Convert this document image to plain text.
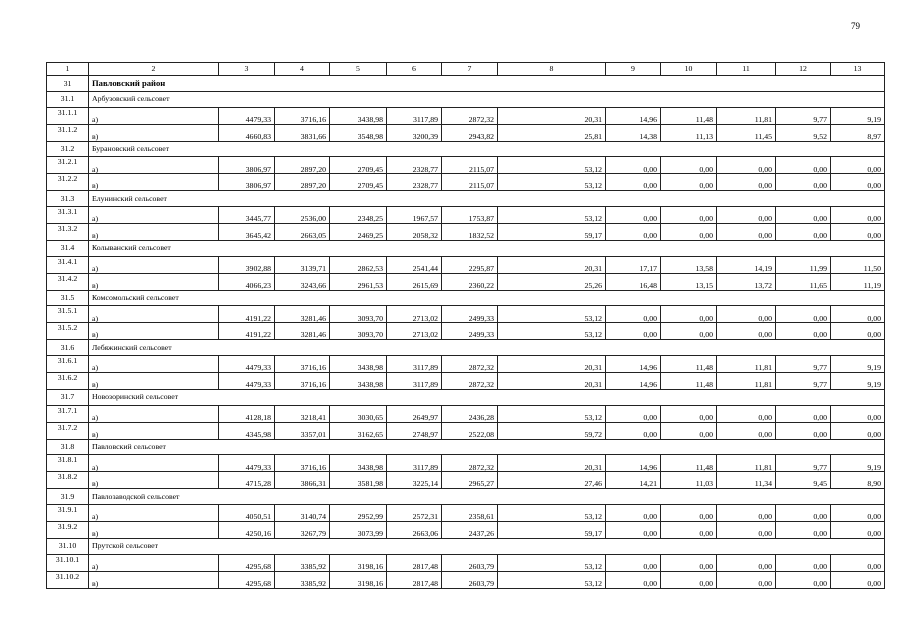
79
1	2	3	4	5	6	7	8	9	10	11	12	13
31	Павловский район											
31.1	Арбузовский сельсовет											
31.1.1	а)	4479,33	3716,16	3438,98	3117,89	2872,32	20,31	14,96	11,48	11,81	9,77	9,19
31.1.2	в)	4660,83	3831,66	3548,98	3200,39	2943,82	25,81	14,38	11,13	11,45	9,52	8,97
31.2	Бурановский сельсовет											
31.2.1	а)	3806,97	2897,20	2709,45	2328,77	2115,07	53,12	0,00	0,00	0,00	0,00	0,00
31.2.2	в)	3806,97	2897,20	2709,45	2328,77	2115,07	53,12	0,00	0,00	0,00	0,00	0,00
31.3	Елунинский сельсовет											
31.3.1	а)	3445,77	2536,00	2348,25	1967,57	1753,87	53,12	0,00	0,00	0,00	0,00	0,00
31.3.2	в)	3645,42	2663,05	2469,25	2058,32	1832,52	59,17	0,00	0,00	0,00	0,00	0,00
31.4	Колыванский сельсовет											
31.4.1	а)	3902,88	3139,71	2862,53	2541,44	2295,87	20,31	17,17	13,58	14,19	11,99	11,50
31.4.2	в)	4066,23	3243,66	2961,53	2615,69	2360,22	25,26	16,48	13,15	13,72	11,65	11,19
31.5	Комсомольский сельсовет											
31.5.1	а)	4191,22	3281,46	3093,70	2713,02	2499,33	53,12	0,00	0,00	0,00	0,00	0,00
31.5.2	в)	4191,22	3281,46	3093,70	2713,02	2499,33	53,12	0,00	0,00	0,00	0,00	0,00
31.6	Лебяжинский сельсовет											
31.6.1	а)	4479,33	3716,16	3438,98	3117,89	2872,32	20,31	14,96	11,48	11,81	9,77	9,19
31.6.2	в)	4479,33	3716,16	3438,98	3117,89	2872,32	20,31	14,96	11,48	11,81	9,77	9,19
31.7	Новозоринский сельсовет											
31.7.1	а)	4128,18	3218,41	3030,65	2649,97	2436,28	53,12	0,00	0,00	0,00	0,00	0,00
31.7.2	в)	4345,98	3357,01	3162,65	2748,97	2522,08	59,72	0,00	0,00	0,00	0,00	0,00
31.8	Павловский сельсовет											
31.8.1	а)	4479,33	3716,16	3438,98	3117,89	2872,32	20,31	14,96	11,48	11,81	9,77	9,19
31.8.2	в)	4715,28	3866,31	3581,98	3225,14	2965,27	27,46	14,21	11,03	11,34	9,45	8,90
31.9	Павлозаводской сельсовет											
31.9.1	а)	4050,51	3140,74	2952,99	2572,31	2358,61	53,12	0,00	0,00	0,00	0,00	0,00
31.9.2	в)	4250,16	3267,79	3073,99	2663,06	2437,26	59,17	0,00	0,00	0,00	0,00	0,00
31.10	Прутской сельсовет											
31.10.1	а)	4295,68	3385,92	3198,16	2817,48	2603,79	53,12	0,00	0,00	0,00	0,00	0,00
31.10.2	в)	4295,68	3385,92	3198,16	2817,48	2603,79	53,12	0,00	0,00	0,00	0,00	0,00
